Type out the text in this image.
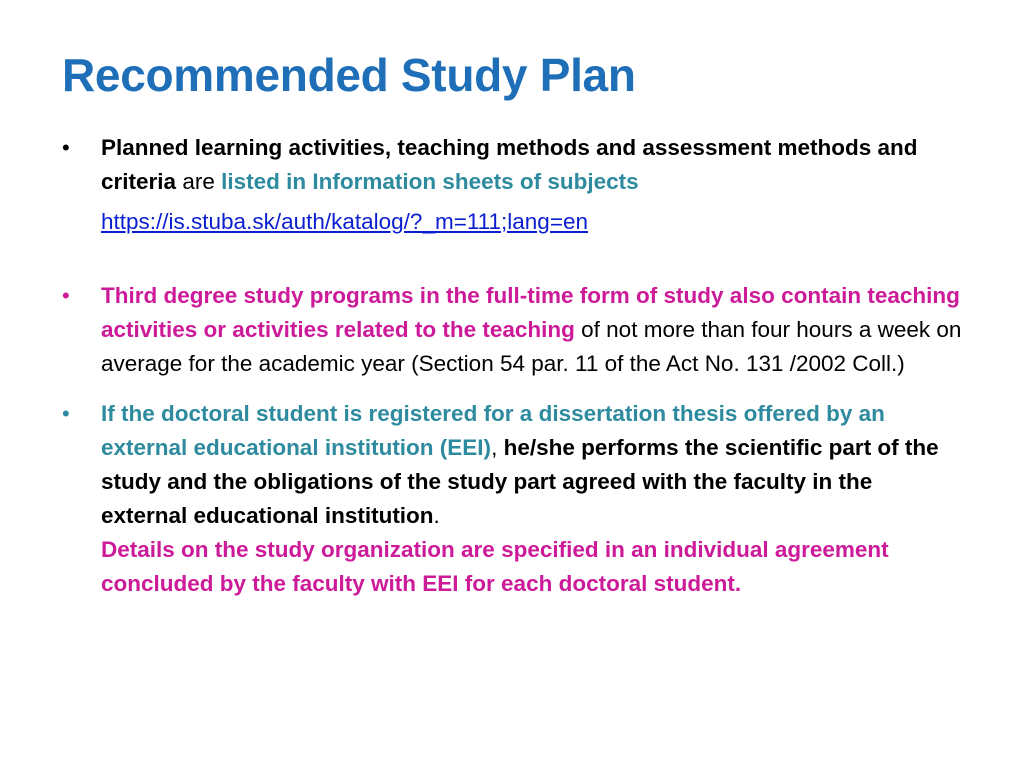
Recommended Study Plan
• Planned learning activities, teaching methods and assessment methods and criteria are listed in Information sheets of subjects
https://is.stuba.sk/auth/katalog/?_m=111;lang=en
• Third degree study programs in the full-time form of study also contain teaching activities or activities related to the teaching of not more than four hours a week on average for the academic year (Section 54 par. 11 of the Act No. 131 /2002 Coll.)
• If the doctoral student is registered for a dissertation thesis offered by an external educational institution (EEI), he/she performs the scientific part of the study and the obligations of the study part agreed with the faculty in the external educational institution.
Details on the study organization are specified in an individual agreement concluded by the faculty with EEI for each doctoral student.
